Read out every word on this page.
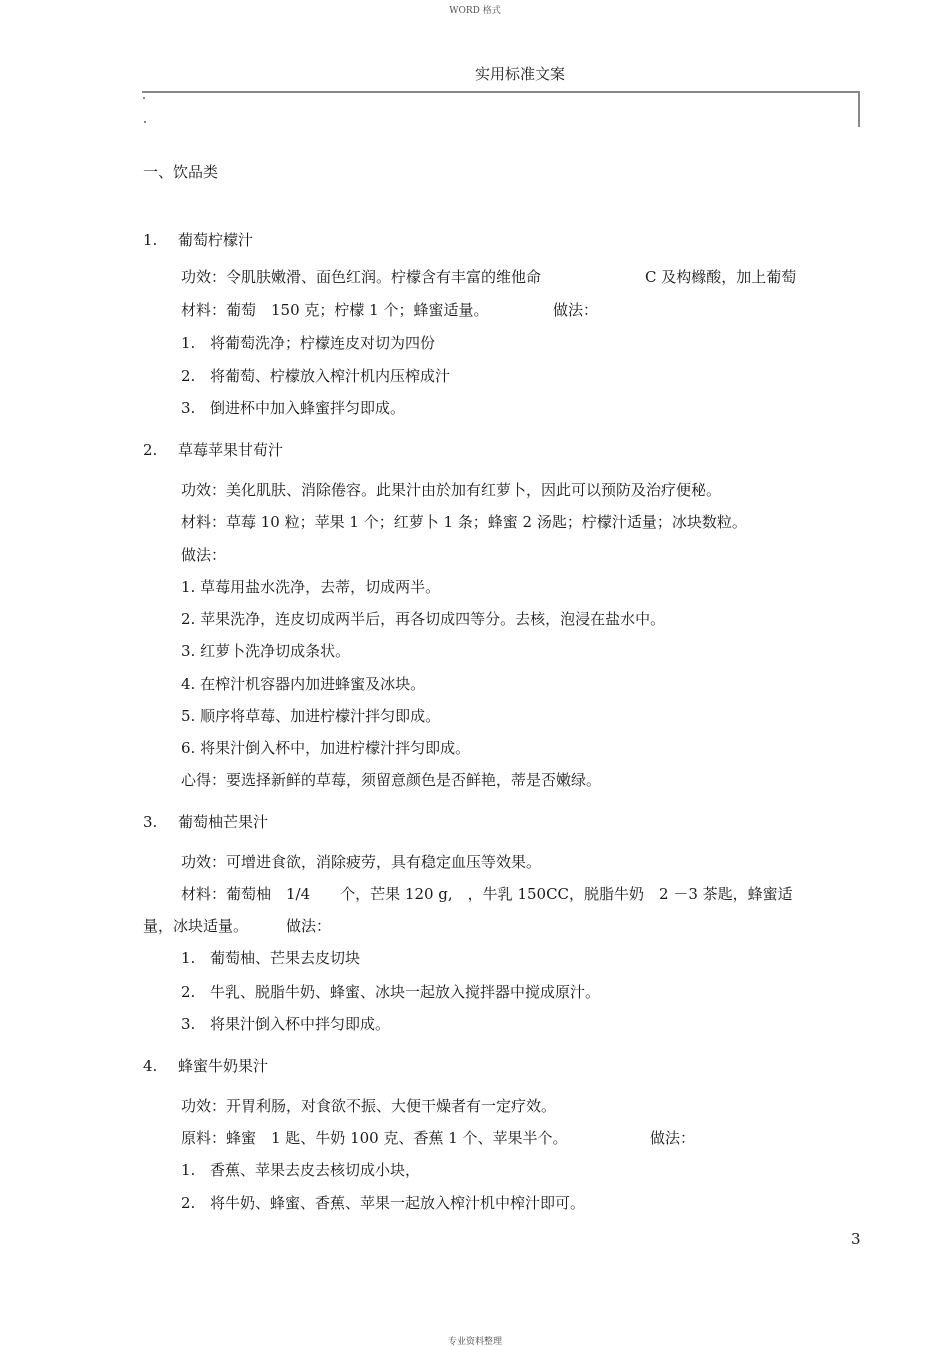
WORD 格式
实用标准文案
一、饮品类
1. 葡萄柠檬汁
功效：令肌肤嫩滑、面色红润。柠檬含有丰富的维他命	C 及构橼酸，加上葡萄
材料：葡萄　150 克；柠檬 1 个；蜂蜜适量。	做法：
1. 将葡萄洗净；柠檬连皮对切为四份
2. 将葡萄、柠檬放入榨汁机内压榨成汁
3. 倒进杯中加入蜂蜜拌匀即成。
2. 草莓苹果甘荀汁
功效：美化肌肤、消除倦容。此果汁由於加有红萝卜，因此可以预防及治疗便秘。
材料：草莓 10 粒；苹果 1 个；红萝卜 1 条；蜂蜜 2 汤匙；柠檬汁适量；冰块数粒。
做法：
1. 草莓用盐水洗净，去蒂，切成两半。
2. 苹果洗净，连皮切成两半后，再各切成四等分。去核，泡浸在盐水中。
3. 红萝卜洗净切成条状。
4. 在榨汁机容器内加进蜂蜜及冰块。
5. 顺序将草莓、加进柠檬汁拌匀即成。
6. 将果汁倒入杯中，加进柠檬汁拌匀即成。
心得：要选择新鲜的草莓，须留意颜色是否鲜艳，蒂是否嫩绿。
3. 葡萄柚芒果汁
功效：可增进食欲，消除疲劳，具有稳定血压等效果。
材料：葡萄柚　1/4　　个，芒果 120 g,　，牛乳 150CC，脱脂牛奶　2 －3 茶匙，蜂蜜适
量，冰块适量。	做法：
1. 葡萄柚、芒果去皮切块
2. 牛乳、脱脂牛奶、蜂蜜、冰块一起放入搅拌器中搅成原汁。
3. 将果汁倒入杯中拌匀即成。
4. 蜂蜜牛奶果汁
功效：开胃利肠，对食欲不振、大便干燥者有一定疗效。
原料：蜂蜜　1 匙、牛奶 100 克、香蕉 1 个、苹果半个。	做法：
1. 香蕉、苹果去皮去核切成小块，
2. 将牛奶、蜂蜜、香蕉、苹果一起放入榨汁机中榨汁即可。
3
专业资料整理
